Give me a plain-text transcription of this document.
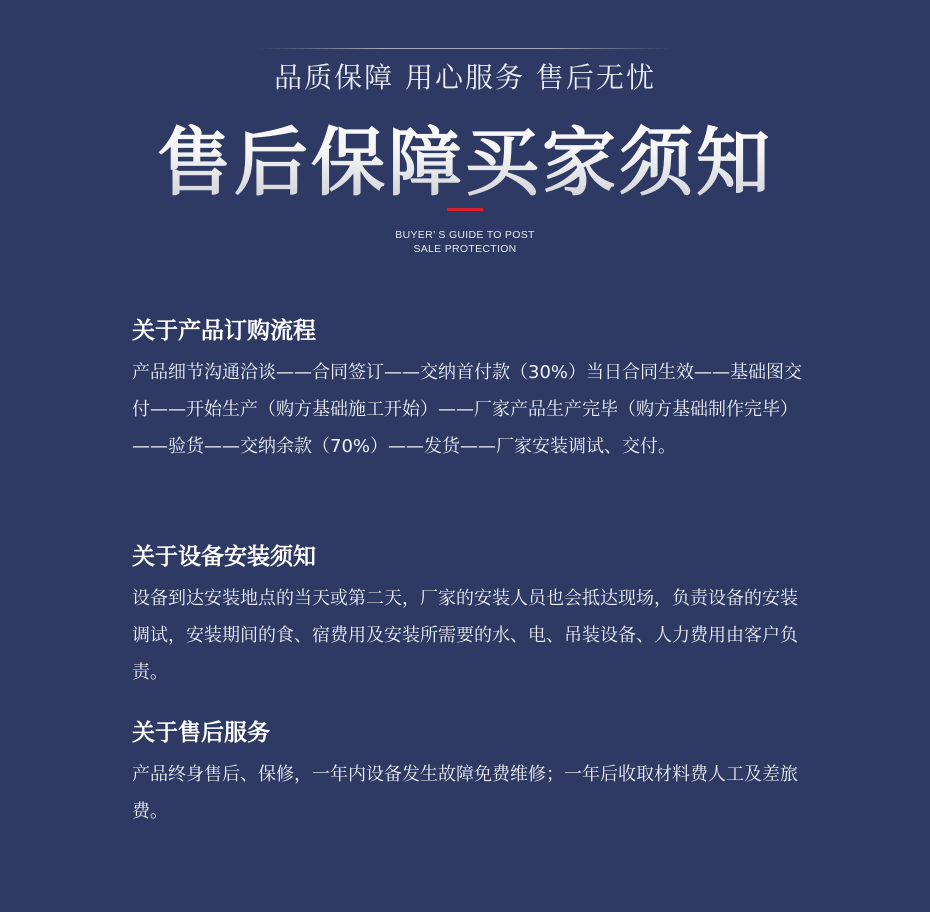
品质保障 用心服务 售后无忧
售后保障买家须知
BUYER’ S GUIDE TO POST
SALE PROTECTION
关于产品订购流程

产品细节沟通洽谈——合同签订——交纳首付款（30%）当日合同生效——基础图交付——开始生产（购方基础施工开始）——厂家产品生产完毕（购方基础制作完毕）——验货——交纳余款（70%）——发货——厂家安装调试、交付。

关于设备安装须知

设备到达安装地点的当天或第二天，厂家的安装人员也会抵达现场，负责设备的安装调试，安装期间的食、宿费用及安装所需要的水、电、吊装设备、人力费用由客户负责。

关于售后服务

产品终身售后、保修，一年内设备发生故障免费维修；一年后收取材料费人工及差旅费。
